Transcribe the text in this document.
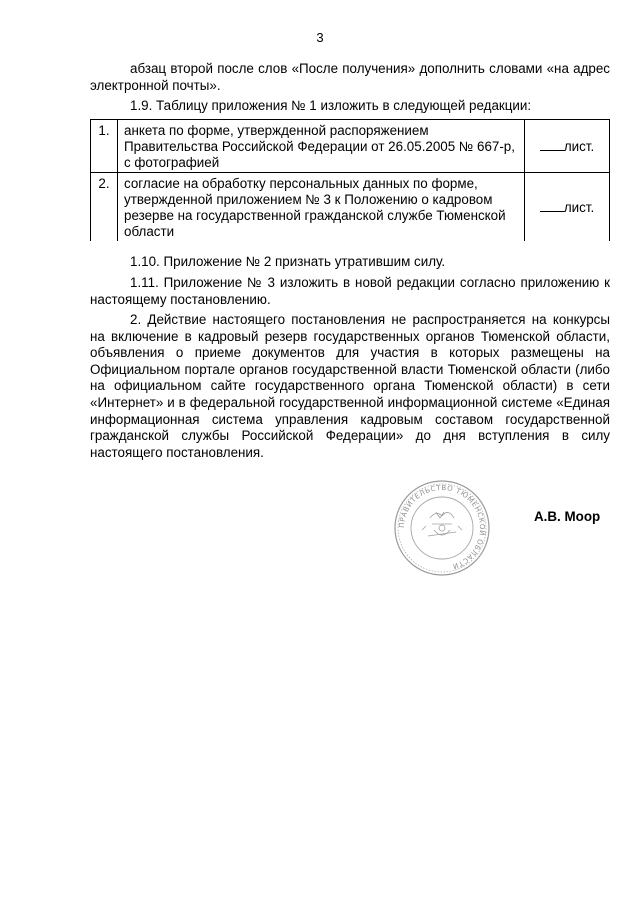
3
абзац второй после слов «После получения» дополнить словами «на адрес электронной почты».
1.9. Таблицу приложения № 1 изложить в следующей редакции:
1.	анкета по форме, утвержденной распоряжением Правительства Российской Федерации от 26.05.2005 № 667-р, с фотографией	лист.
2.	согласие на обработку персональных данных по форме, утвержденной приложением № 3 к Положению о кадровом резерве на государственной гражданской службе Тюменской области	лист.
1.10. Приложение № 2 признать утратившим силу.
1.11. Приложение № 3 изложить в новой редакции согласно приложению к настоящему постановлению.
2. Действие настоящего постановления не распространяется на конкурсы на включение в кадровый резерв государственных органов Тюменской области, объявления о приеме документов для участия в которых размещены на Официальном портале органов государственной власти Тюменской области (либо на официальном сайте государственного органа Тюменской области) в сети «Интернет» и в федеральной государственной информационной системе «Единая информационная система управления кадровым составом государственной гражданской службы Российской Федерации» до дня вступления в силу настоящего постановления.
ПРАВИТЕЛЬСТВО ТЮМЕНСКОЙ ОБЛАСТИ
А.В. Моор
